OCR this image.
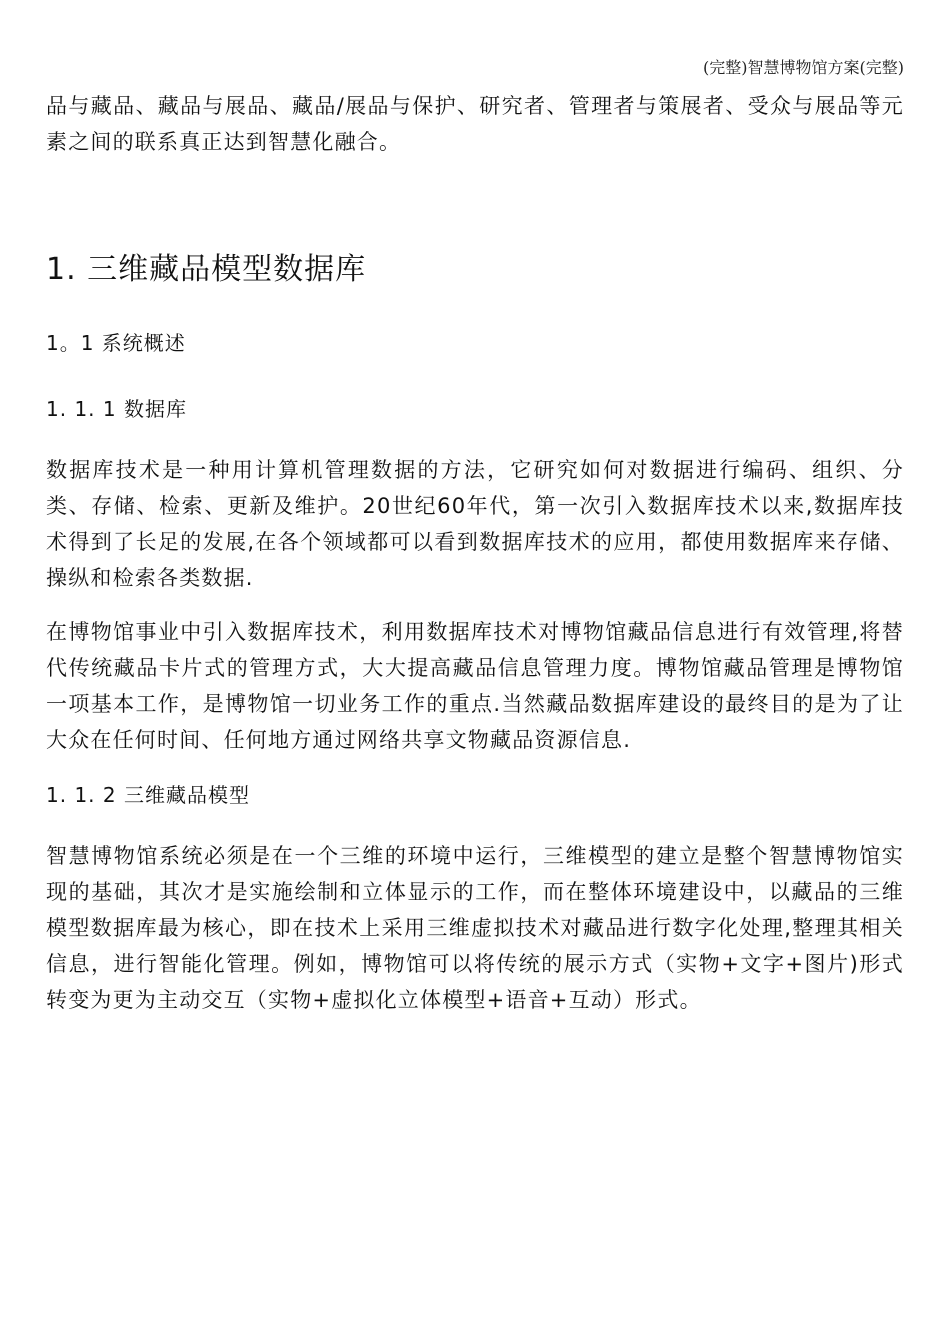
(完整)智慧博物馆方案(完整)

品与藏品、藏品与展品、藏品/展品与保护、研究者、管理者与策展者、受众与展品等元素之间的联系真正达到智慧化融合。

1. 三维藏品模型数据库
1。1 系统概述
1. 1. 1 数据库

数据库技术是一种用计算机管理数据的方法，它研究如何对数据进行编码、组织、分类、存储、检索、更新及维护。20世纪60年代，第一次引入数据库技术以来,数据库技术得到了长足的发展,在各个领域都可以看到数据库技术的应用，都使用数据库来存储、操纵和检索各类数据.

在博物馆事业中引入数据库技术，利用数据库技术对博物馆藏品信息进行有效管理,将替代传统藏品卡片式的管理方式，大大提高藏品信息管理力度。博物馆藏品管理是博物馆一项基本工作，是博物馆一切业务工作的重点.当然藏品数据库建设的最终目的是为了让大众在任何时间、任何地方通过网络共享文物藏品资源信息.

1. 1. 2 三维藏品模型

智慧博物馆系统必须是在一个三维的环境中运行，三维模型的建立是整个智慧博物馆实现的基础，其次才是实施绘制和立体显示的工作，而在整体环境建设中，以藏品的三维模型数据库最为核心，即在技术上采用三维虚拟技术对藏品进行数字化处理,整理其相关信息，进行智能化管理。例如，博物馆可以将传统的展示方式（实物+文字+图片)形式转变为更为主动交互（实物+虚拟化立体模型+语音+互动）形式。
